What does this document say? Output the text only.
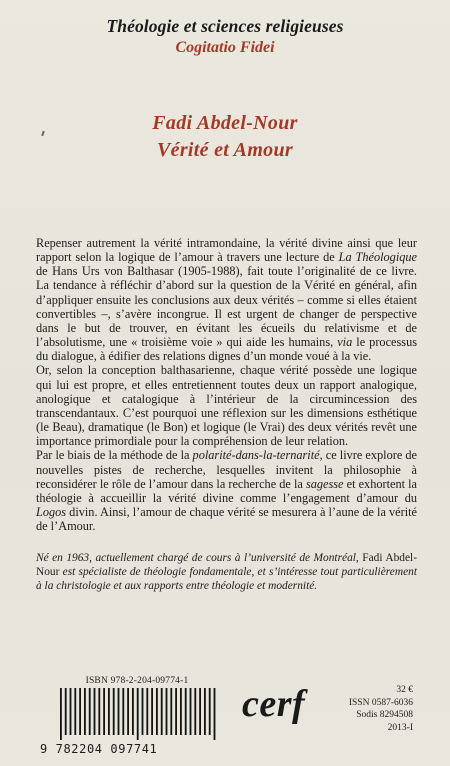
Théologie et sciences religieuses
Cogitatio Fidei
Fadi Abdel-Nour
Vérité et Amour

Repenser autrement la vérité intramondaine, la vérité divine ainsi que leur rapport selon la logique de l’amour à travers une lecture de La Théologique de Hans Urs von Balthasar (1905-1988), fait toute l’originalité de ce livre. La tendance à réfléchir d’abord sur la question de la Vérité en général, afin d’appliquer ensuite les conclusions aux deux vérités – comme si elles étaient convertibles –, s’avère incongrue. Il est urgent de changer de perspective dans le but de trouver, en évitant les écueils du relativisme et de l’absolutisme, une « troisième voie » qui aide les humains, via le processus du dialogue, à édifier des relations dignes d’un monde voué à la vie.

Or, selon la conception balthasarienne, chaque vérité possède une logique qui lui est propre, et elles entretiennent toutes deux un rapport analogique, anologique et catalogique à l’intérieur de la circumincession des transcendantaux. C’est pourquoi une réflexion sur les dimensions esthétique (le Beau), dramatique (le Bon) et logique (le Vrai) des deux vérités revêt une importance primordiale pour la compréhension de leur relation.

Par le biais de la méthode de la polarité-dans-la-ternarité, ce livre explore de nouvelles pistes de recherche, lesquelles invitent la philosophie à reconsidérer le rôle de l’amour dans la recherche de la sagesse et exhortent la théologie à accueillir la vérité divine comme l’engagement d’amour du Logos divin. Ainsi, l’amour de chaque vérité se mesurera à l’aune de la vérité de l’Amour.

Né en 1963, actuellement chargé de cours à l’université de Montréal, Fadi Abdel-Nour est spécialiste de théologie fondamentale, et s’intéresse tout particulièrement à la christologie et aux rapports entre théologie et modernité.

ISBN 978-2-204-09774-1
9 782204 097741
cerf	32 €
ISSN 0587-6036
Sodis 8294508
2013-I
